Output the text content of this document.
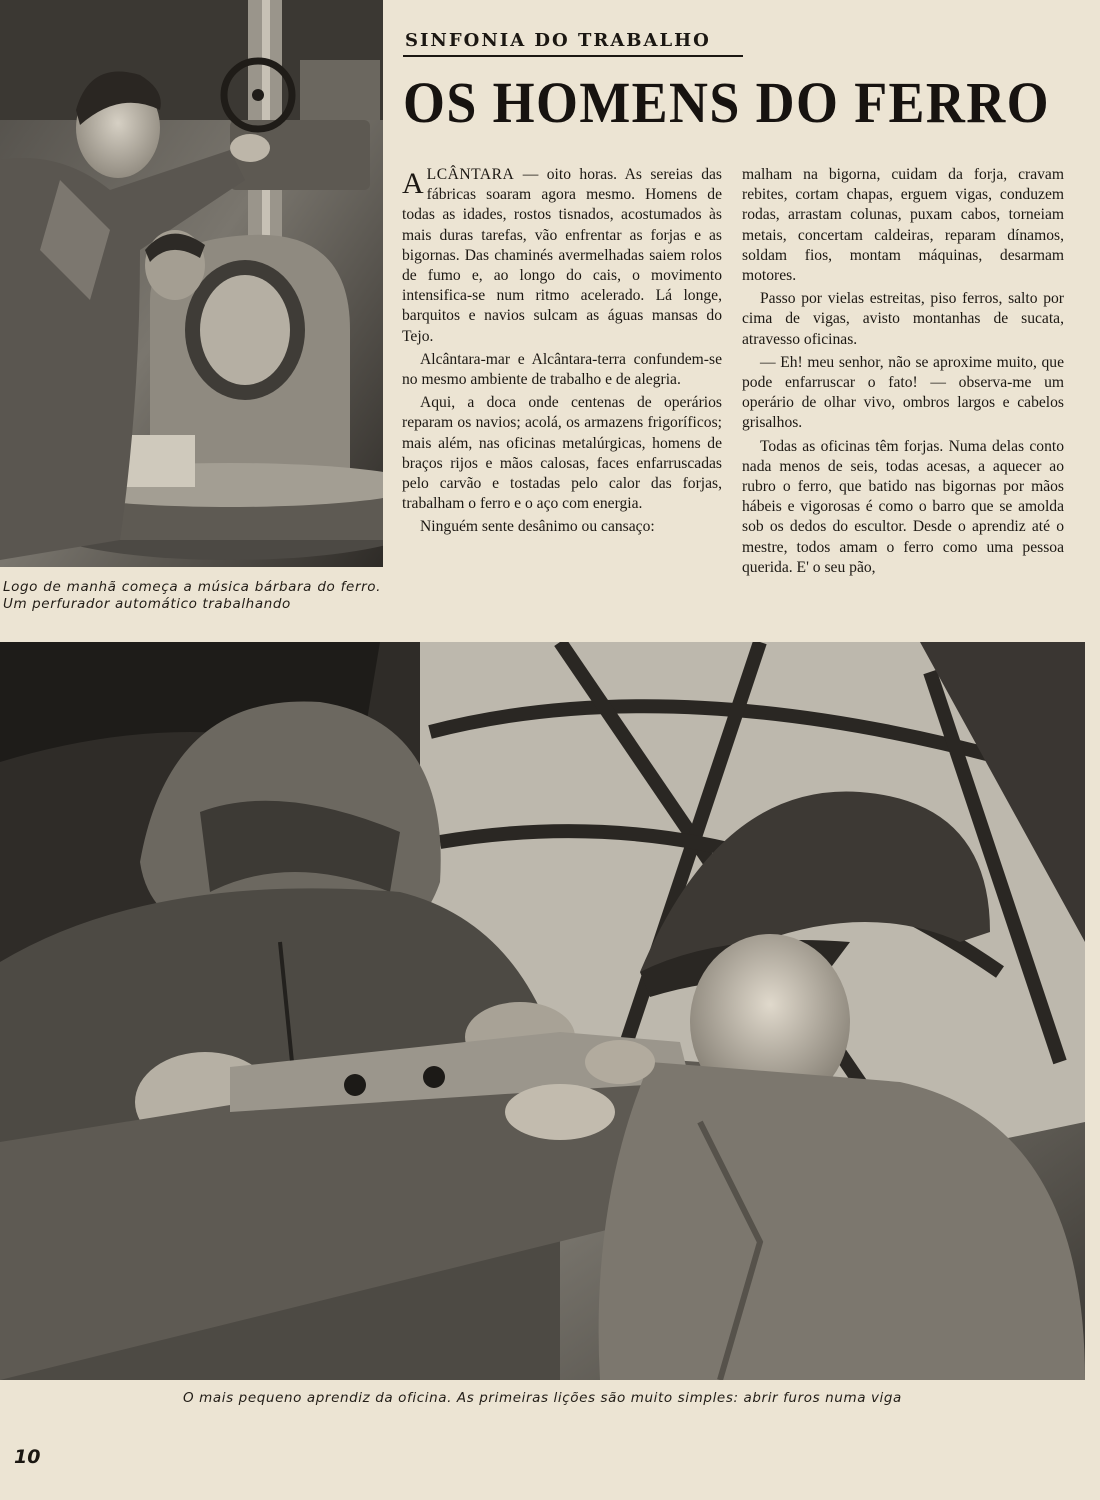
Logo de manhã começa a música bárbara do ferro. Um perfurador automático trabalhando
SINFONIA DO TRABALHO
OS HOMENS DO FERRO

ALCÂNTARA — oito horas. As sereias das fábricas soaram agora mesmo. Homens de todas as idades, rostos tisnados, acostumados às mais duras tarefas, vão enfrentar as forjas e as bigornas. Das chaminés avermelhadas saiem rolos de fumo e, ao longo do cais, o movimento intensifica-se num ritmo acelerado. Lá longe, barquitos e navios sulcam as águas mansas do Tejo.

Alcântara-mar e Alcântara-terra confundem-se no mesmo ambiente de trabalho e de alegria.

Aqui, a doca onde centenas de operários reparam os navios; acolá, os armazens frigoríficos; mais além, nas oficinas metalúrgicas, homens de braços rijos e mãos calosas, faces enfarruscadas pelo carvão e tostadas pelo calor das forjas, trabalham o ferro e o aço com energia.

Ninguém sente desânimo ou cansaço:

malham na bigorna, cuidam da forja, cravam rebites, cortam chapas, erguem vigas, conduzem rodas, arrastam colunas, puxam cabos, torneiam metais, concertam caldeiras, reparam dínamos, soldam fios, montam máquinas, desarmam motores.

Passo por vielas estreitas, piso ferros, salto por cima de vigas, avisto montanhas de sucata, atravesso oficinas.

— Eh! meu senhor, não se aproxime muito, que pode enfarruscar o fato! — observa-me um operário de olhar vivo, ombros largos e cabelos grisalhos.

Todas as oficinas têm forjas. Numa delas conto nada menos de seis, todas acesas, a aquecer ao rubro o ferro, que batido nas bigornas por mãos hábeis e vigorosas é como o barro que se amolda sob os dedos do escultor. Desde o aprendiz até o mestre, todos amam o ferro como uma pessoa querida. E' o seu pão,

O mais pequeno aprendiz da oficina. As primeiras lições são muito simples: abrir furos numa viga
10
